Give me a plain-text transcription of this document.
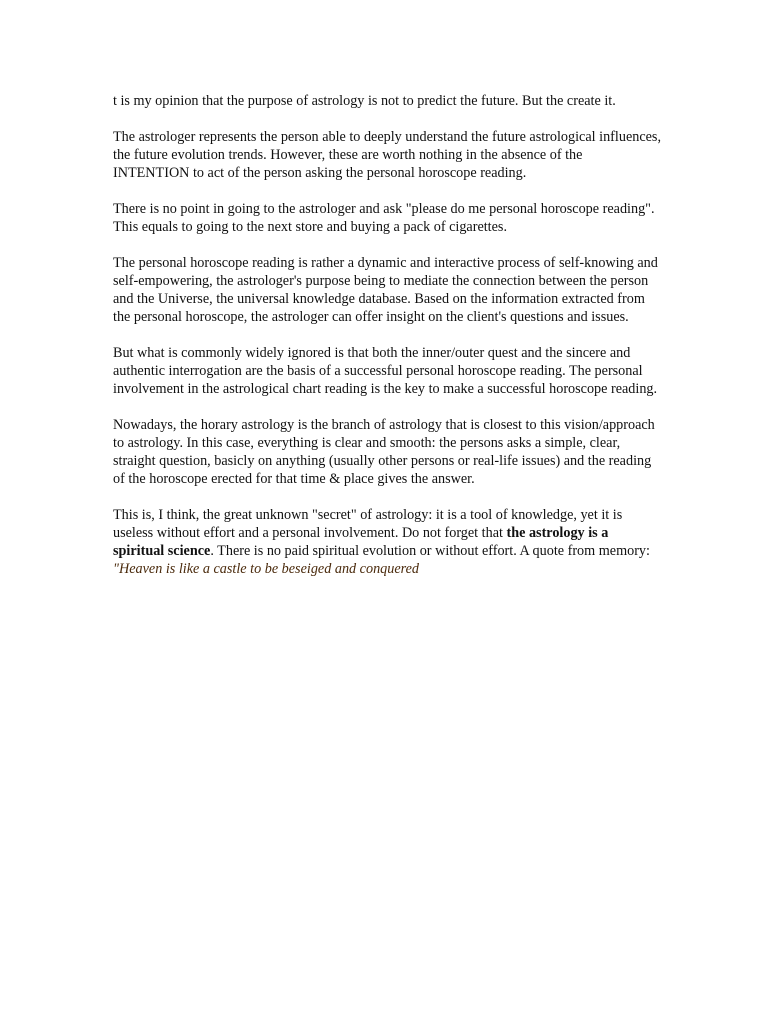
t is my opinion that the purpose of astrology is not to predict the future. But the create it.

The astrologer represents the person able to deeply understand the future astrological influences, the future evolution trends. However, these are worth nothing in the absence of the INTENTION to act of the person asking the personal horoscope reading.

There is no point in going to the astrologer and ask "please do me personal horoscope reading". This equals to going to the next store and buying a pack of cigarettes.

The personal horoscope reading is rather a dynamic and interactive process of self-knowing and self-empowering, the astrologer's purpose being to mediate the connection between the person and the Universe, the universal knowledge database. Based on the information extracted from the personal horoscope, the astrologer can offer insight on the client's questions and issues.

But what is commonly widely ignored is that both the inner/outer quest and the sincere and authentic interrogation are the basis of a successful personal horoscope reading. The personal involvement in the astrological chart reading is the key to make a successful horoscope reading.

Nowadays, the horary astrology is the branch of astrology that is closest to this vision/approach to astrology. In this case, everything is clear and smooth: the persons asks a simple, clear, straight question, basicly on anything (usually other persons or real-life issues) and the reading of the horoscope erected for that time & place gives the answer.

This is, I think, the great unknown "secret" of astrology: it is a tool of knowledge, yet it is useless without effort and a personal involvement. Do not forget that the astrology is a spiritual science. There is no paid spiritual evolution or without effort. A quote from memory: "Heaven is like a castle to be beseiged and conquered
